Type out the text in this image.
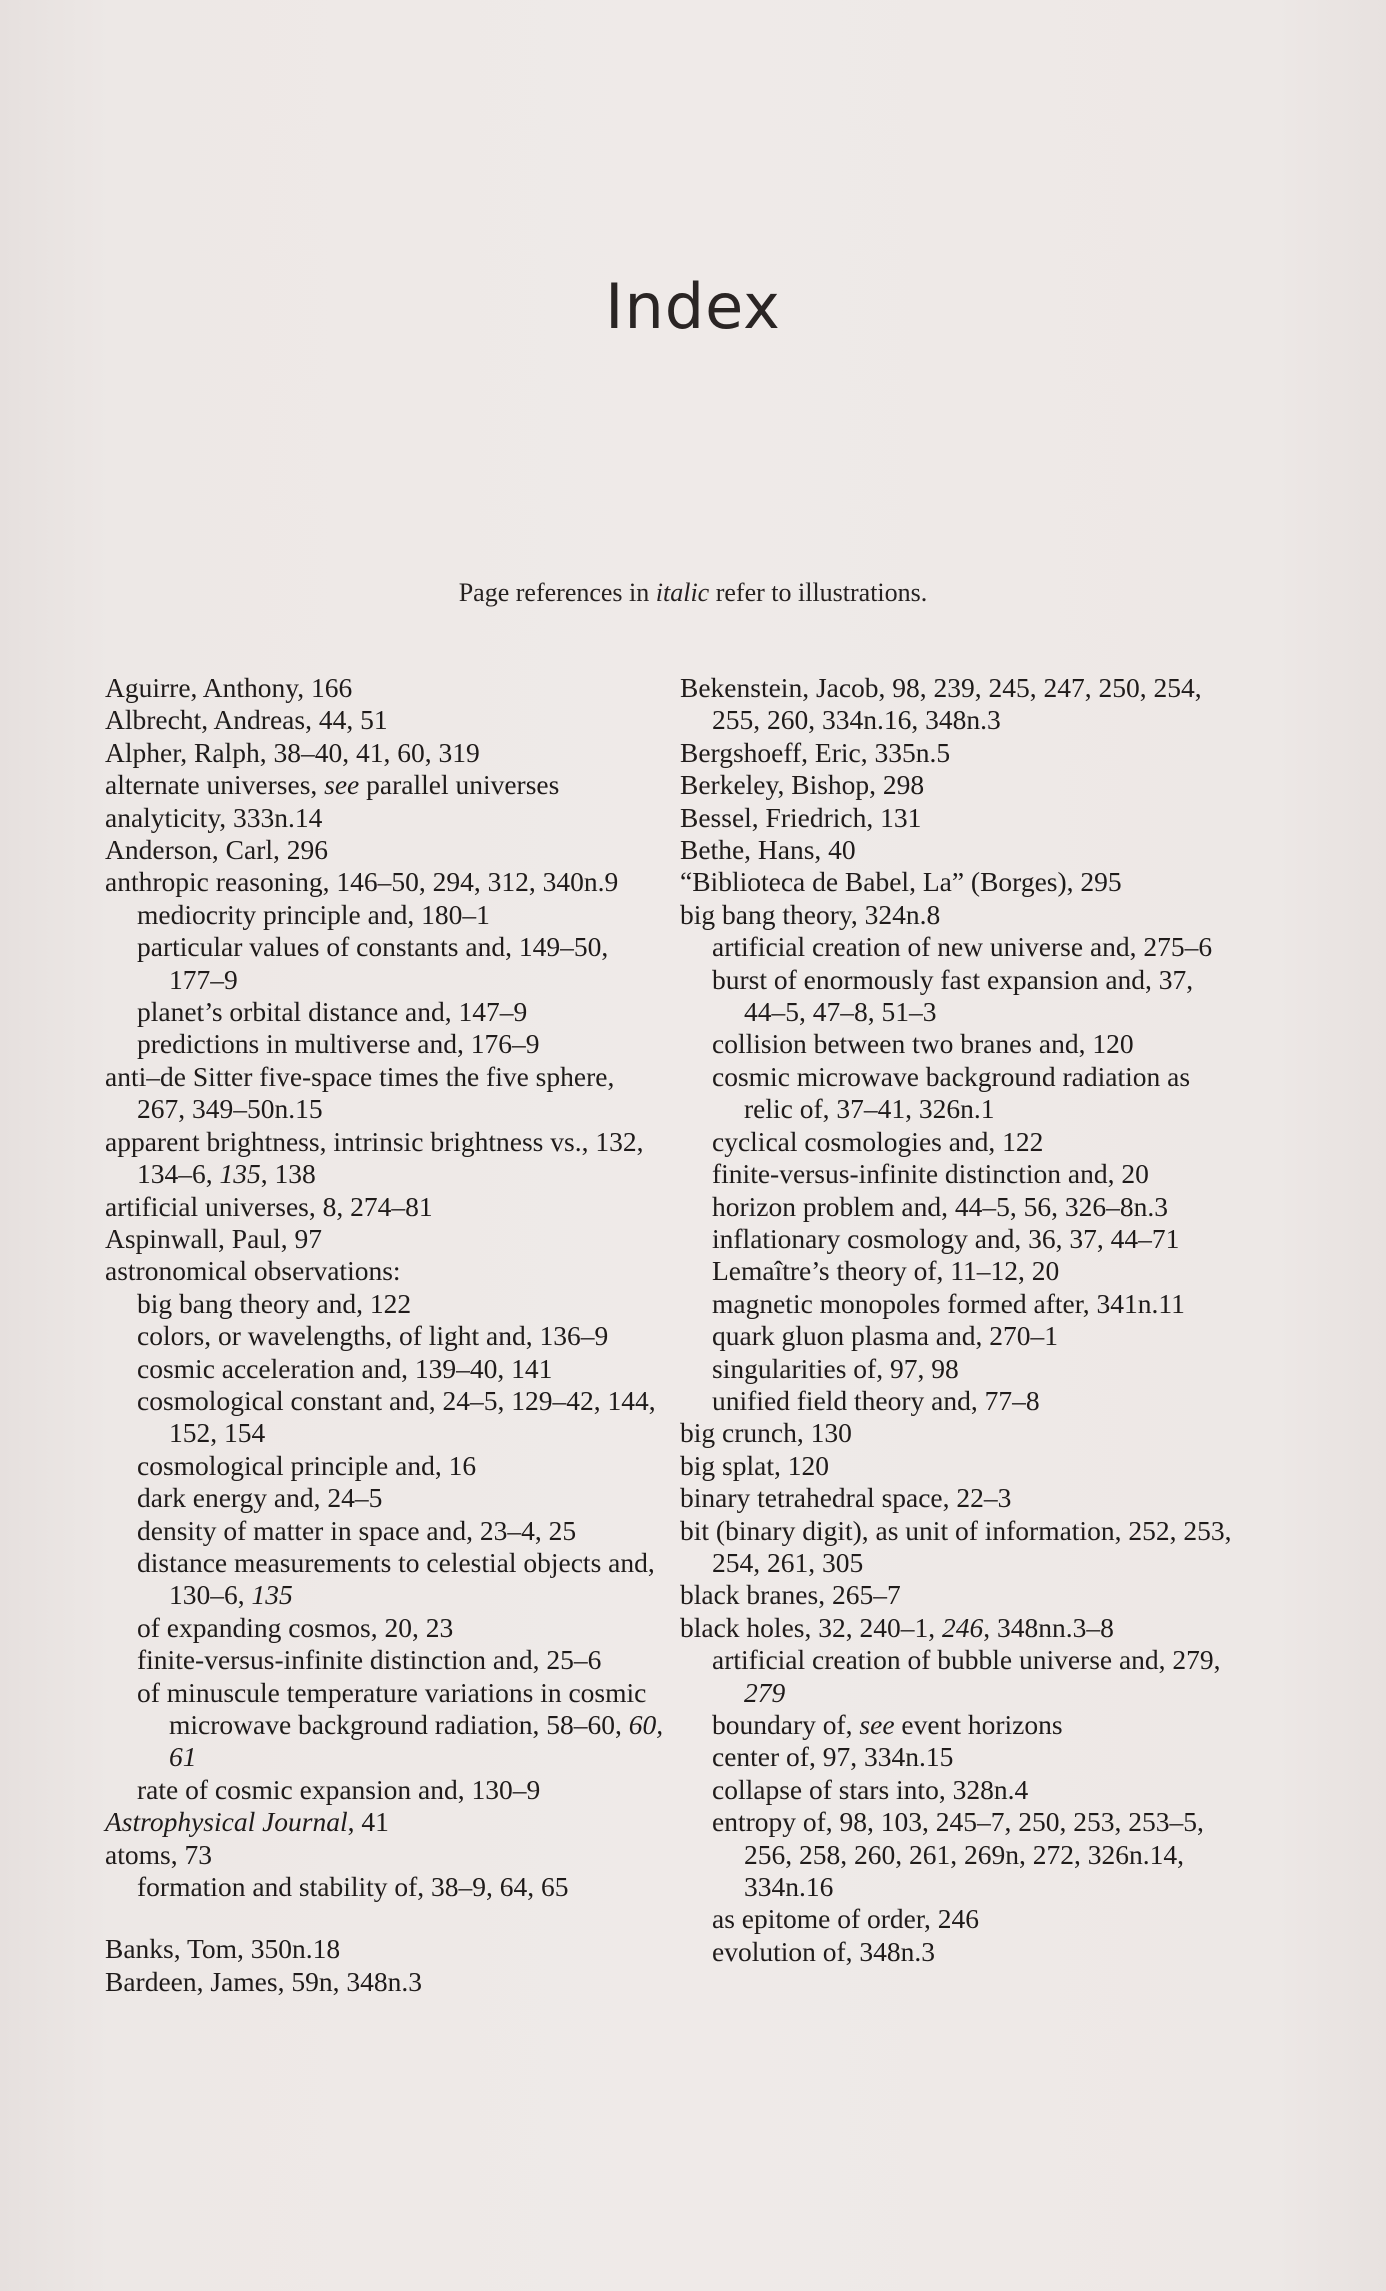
Index
Page references in italic refer to illustrations.

Aguirre, Anthony, 166

Albrecht, Andreas, 44, 51

Alpher, Ralph, 38–40, 41, 60, 319

alternate universes, see parallel universes

analyticity, 333n.14

Anderson, Carl, 296

anthropic reasoning, 146–50, 294, 312, 340n.9

mediocrity principle and, 180–1

particular values of constants and, 149–50, 177–9

planet’s orbital distance and, 147–9

predictions in multiverse and, 176–9

anti–de Sitter five-space times the five sphere, 267, 349–50n.15

apparent brightness, intrinsic brightness vs., 132, 134–6, 135, 138

artificial universes, 8, 274–81

Aspinwall, Paul, 97

astronomical observations:

big bang theory and, 122

colors, or wavelengths, of light and, 136–9

cosmic acceleration and, 139–40, 141

cosmological constant and, 24–5, 129–42, 144, 152, 154

cosmological principle and, 16

dark energy and, 24–5

density of matter in space and, 23–4, 25

distance measurements to celestial objects and, 130–6, 135

of expanding cosmos, 20, 23

finite-versus-infinite distinction and, 25–6

of minuscule temperature variations in cosmic microwave background radiation, 58–60, 60, 61

rate of cosmic expansion and, 130–9

Astrophysical Journal, 41

atoms, 73

formation and stability of, 38–9, 64, 65

Banks, Tom, 350n.18

Bardeen, James, 59n, 348n.3

Bekenstein, Jacob, 98, 239, 245, 247, 250, 254, 255, 260, 334n.16, 348n.3

Bergshoeff, Eric, 335n.5

Berkeley, Bishop, 298

Bessel, Friedrich, 131

Bethe, Hans, 40

“Biblioteca de Babel, La” (Borges), 295

big bang theory, 324n.8

artificial creation of new universe and, 275–6

burst of enormously fast expansion and, 37, 44–5, 47–8, 51–3

collision between two branes and, 120

cosmic microwave background radiation as relic of, 37–41, 326n.1

cyclical cosmologies and, 122

finite-versus-infinite distinction and, 20

horizon problem and, 44–5, 56, 326–8n.3

inflationary cosmology and, 36, 37, 44–71

Lemaître’s theory of, 11–12, 20

magnetic monopoles formed after, 341n.11

quark gluon plasma and, 270–1

singularities of, 97, 98

unified field theory and, 77–8

big crunch, 130

big splat, 120

binary tetrahedral space, 22–3

bit (binary digit), as unit of information, 252, 253, 254, 261, 305

black branes, 265–7

black holes, 32, 240–1, 246, 348nn.3–8

artificial creation of bubble universe and, 279, 279

boundary of, see event horizons

center of, 97, 334n.15

collapse of stars into, 328n.4

entropy of, 98, 103, 245–7, 250, 253, 253–5, 256, 258, 260, 261, 269n, 272, 326n.14, 334n.16

as epitome of order, 246

evolution of, 348n.3
